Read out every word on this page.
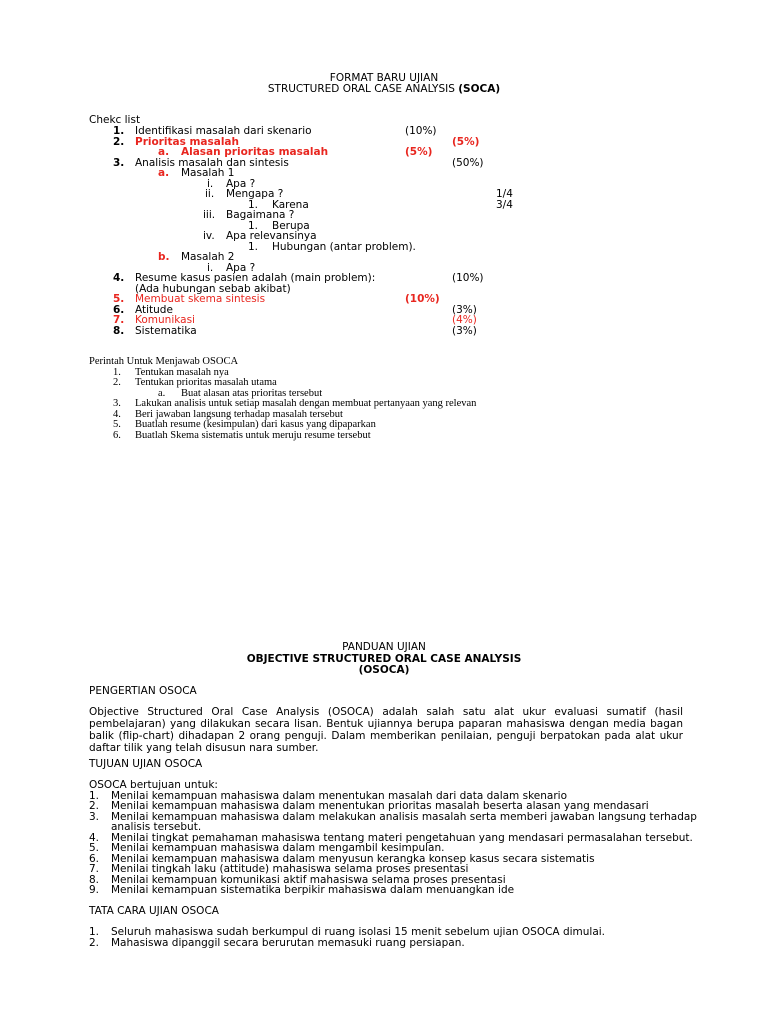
FORMAT BARU UJIAN
STRUCTURED ORAL CASE ANALYSIS (SOCA)
Chekc list
1. Identifikasi masalah dari skenario	(10%)
2. Prioritas masalah	(5%)
a. Alasan prioritas masalah	(5%)
3. Analisis masalah dan sintesis	(50%)
a. Masalah 1
i. Apa ?
ii. Mengapa ?	1/4
1. Karena	3/4
iii. Bagaimana ?
1. Berupa
iv. Apa relevansinya
1. Hubungan (antar problem).
b. Masalah 2
i. Apa ?
4. Resume kasus pasien adalah (main problem):	(10%)
(Ada hubungan sebab akibat)
5. Membuat skema sintesis	(10%)
6. Atitude	(3%)
7. Komunikasi	(4%)
8. Sistematika	(3%)
Perintah Untuk Menjawab OSOCA
1. Tentukan masalah nya
2. Tentukan prioritas masalah utama
a. Buat alasan atas prioritas tersebut
3. Lakukan analisis untuk setiap masalah dengan membuat pertanyaan yang relevan
4. Beri jawaban langsung terhadap masalah tersebut
5. Buatlah resume (kesimpulan) dari kasus yang dipaparkan
6. Buatlah Skema sistematis untuk meruju resume tersebut
PANDUAN UJIAN
OBJECTIVE STRUCTURED ORAL CASE ANALYSIS
(OSOCA)
PENGERTIAN OSOCA
Objective Structured Oral Case Analysis (OSOCA) adalah salah satu alat ukur evaluasi sumatif (hasil pembelajaran) yang dilakukan secara lisan. Bentuk ujiannya berupa paparan mahasiswa dengan media bagan balik (flip-chart) dihadapan 2 orang penguji. Dalam memberikan penilaian, penguji berpatokan pada alat ukur daftar tilik yang telah disusun nara sumber.
TUJUAN UJIAN OSOCA
OSOCA bertujuan untuk:
1. Menilai kemampuan mahasiswa dalam menentukan masalah dari data dalam skenario
2. Menilai kemampuan mahasiswa dalam menentukan prioritas masalah beserta alasan yang mendasari
3. Menilai kemampuan mahasiswa dalam melakukan analisis masalah serta memberi jawaban langsung terhadap
analisis tersebut.
4. Menilai tingkat pemahaman mahasiswa tentang materi pengetahuan yang mendasari permasalahan tersebut.
5. Menilai kemampuan mahasiswa dalam mengambil kesimpulan.
6. Menilai kemampuan mahasiswa dalam menyusun kerangka konsep kasus secara sistematis
7. Menilai tingkah laku (attitude) mahasiswa selama proses presentasi
8. Menilai kemampuan komunikasi aktif mahasiswa selama proses presentasi
9. Menilai kemampuan sistematika berpikir mahasiswa dalam menuangkan ide
TATA CARA UJIAN OSOCA
1. Seluruh mahasiswa sudah berkumpul di ruang isolasi 15 menit sebelum ujian OSOCA dimulai.
2. Mahasiswa dipanggil secara berurutan memasuki ruang persiapan.
